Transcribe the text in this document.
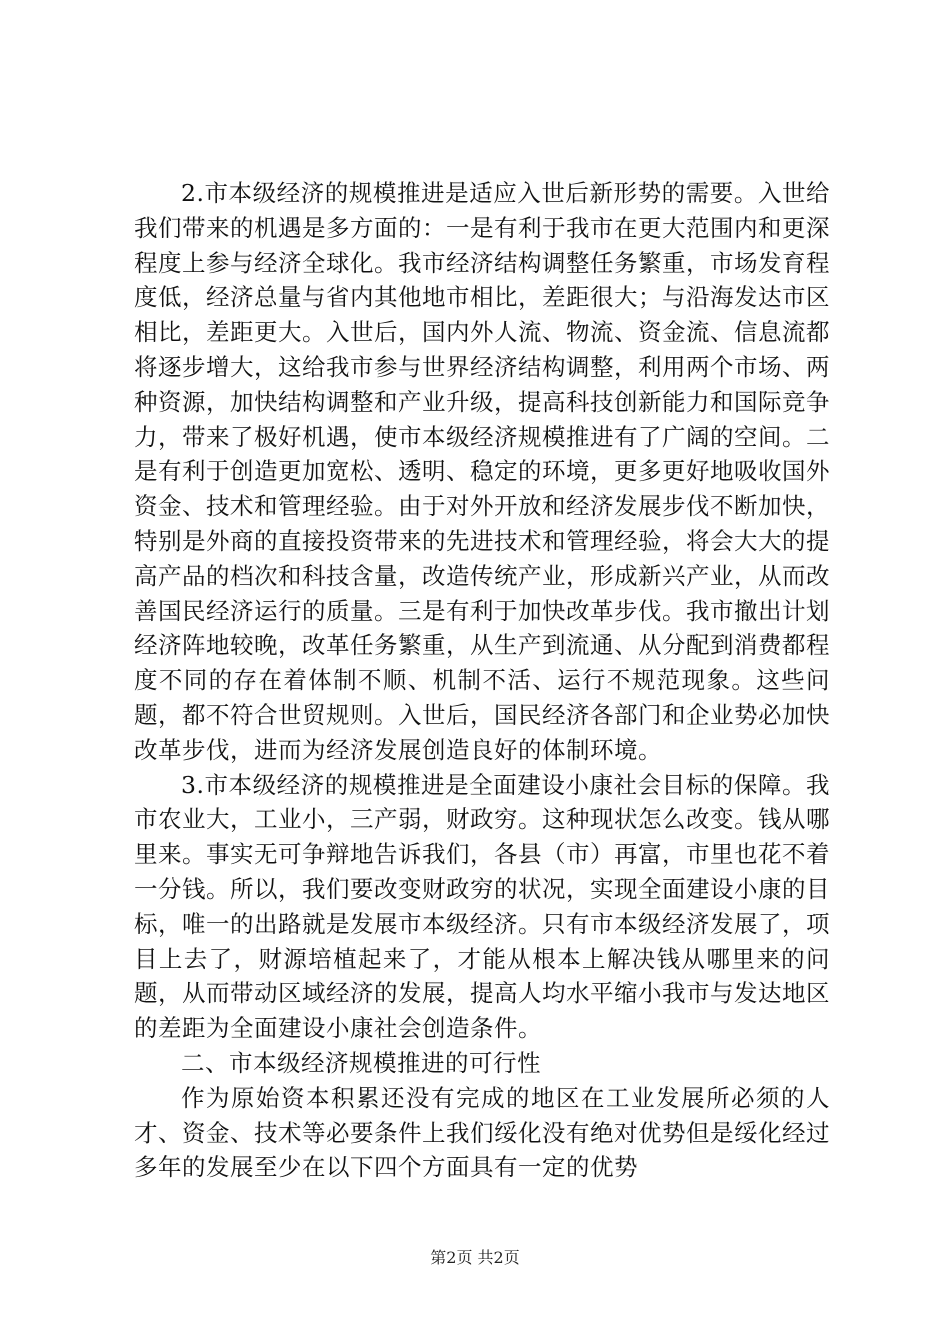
2.市本级经济的规模推进是适应入世后新形势的需要。入世给我们带来的机遇是多方面的：一是有利于我市在更大范围内和更深程度上参与经济全球化。我市经济结构调整任务繁重，市场发育程度低，经济总量与省内其他地市相比，差距很大；与沿海发达市区相比，差距更大。入世后，国内外人流、物流、资金流、信息流都将逐步增大，这给我市参与世界经济结构调整，利用两个市场、两种资源，加快结构调整和产业升级，提高科技创新能力和国际竞争力，带来了极好机遇，使市本级经济规模推进有了广阔的空间。二是有利于创造更加宽松、透明、稳定的环境，更多更好地吸收国外资金、技术和管理经验。由于对外开放和经济发展步伐不断加快，特别是外商的直接投资带来的先进技术和管理经验，将会大大的提高产品的档次和科技含量，改造传统产业，形成新兴产业，从而改善国民经济运行的质量。三是有利于加快改革步伐。我市撤出计划经济阵地较晚，改革任务繁重，从生产到流通、从分配到消费都程度不同的存在着体制不顺、机制不活、运行不规范现象。这些问题，都不符合世贸规则。入世后，国民经济各部门和企业势必加快改革步伐，进而为经济发展创造良好的体制环境。

3.市本级经济的规模推进是全面建设小康社会目标的保障。我市农业大，工业小，三产弱，财政穷。这种现状怎么改变。钱从哪里来。事实无可争辩地告诉我们，各县（市）再富，市里也花不着一分钱。所以，我们要改变财政穷的状况，实现全面建设小康的目标，唯一的出路就是发展市本级经济。只有市本级经济发展了，项目上去了，财源培植起来了，才能从根本上解决钱从哪里来的问题，从而带动区域经济的发展，提高人均水平缩小我市与发达地区的差距为全面建设小康社会创造条件。

二、市本级经济规模推进的可行性

作为原始资本积累还没有完成的地区在工业发展所必须的人才、资金、技术等必要条件上我们绥化没有绝对优势但是绥化经过多年的发展至少在以下四个方面具有一定的优势

第2页 共2页
